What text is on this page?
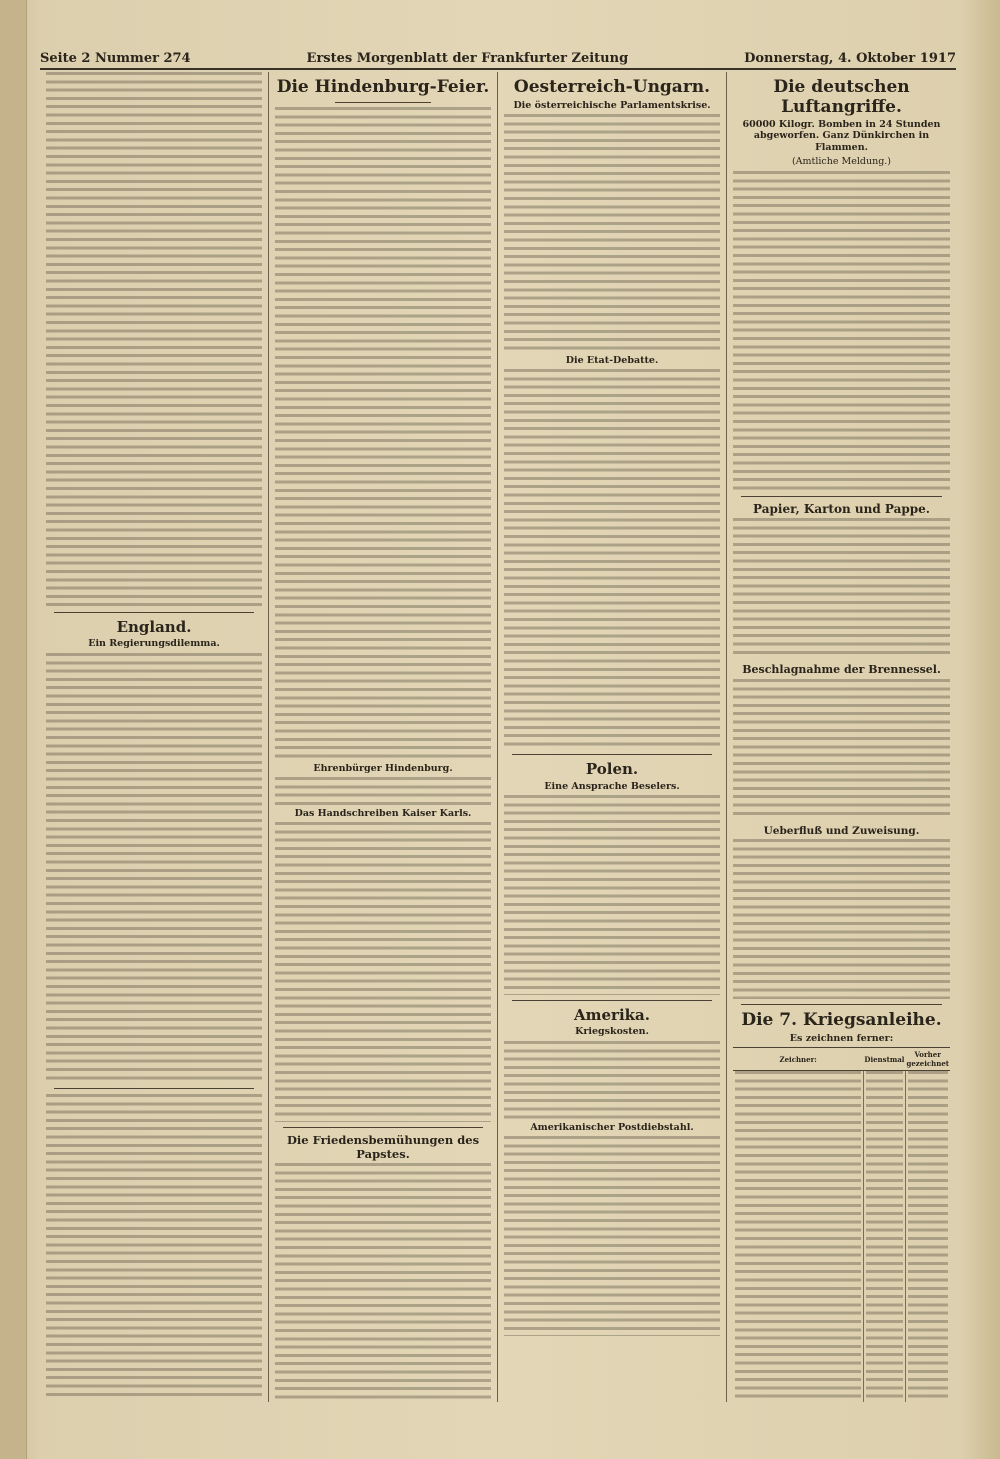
Seite 2 Nummer 274	Erstes Morgenblatt der Frankfurter Zeitung	Donnerstag, 4. Oktober 1917
England.
Ein Regierungsdilemma.
Die Hindenburg-Feier.
Ehrenbürger Hindenburg.
Das Handschreiben Kaiser Karls.
Die Friedensbemühungen des Papstes.
Oesterreich-Ungarn.
Die österreichische Parlamentskrise.
Die Etat-Debatte.
Polen.
Eine Ansprache Beselers.
Amerika.
Kriegskosten.
Amerikanischer Postdiebstahl.
Die deutschen Luftangriffe.
60000 Kilogr. Bomben in 24 Stunden abgeworfen. Ganz Dünkirchen in Flammen.
(Amtliche Meldung.)
Papier, Karton und Pappe.
Beschlagnahme der Brennessel.
Ueberfluß und Zuweisung.
Die 7. Kriegsanleihe.
Es zeichnen ferner:
Zeichner:	Dienstmal	Vorher gezeichnet
